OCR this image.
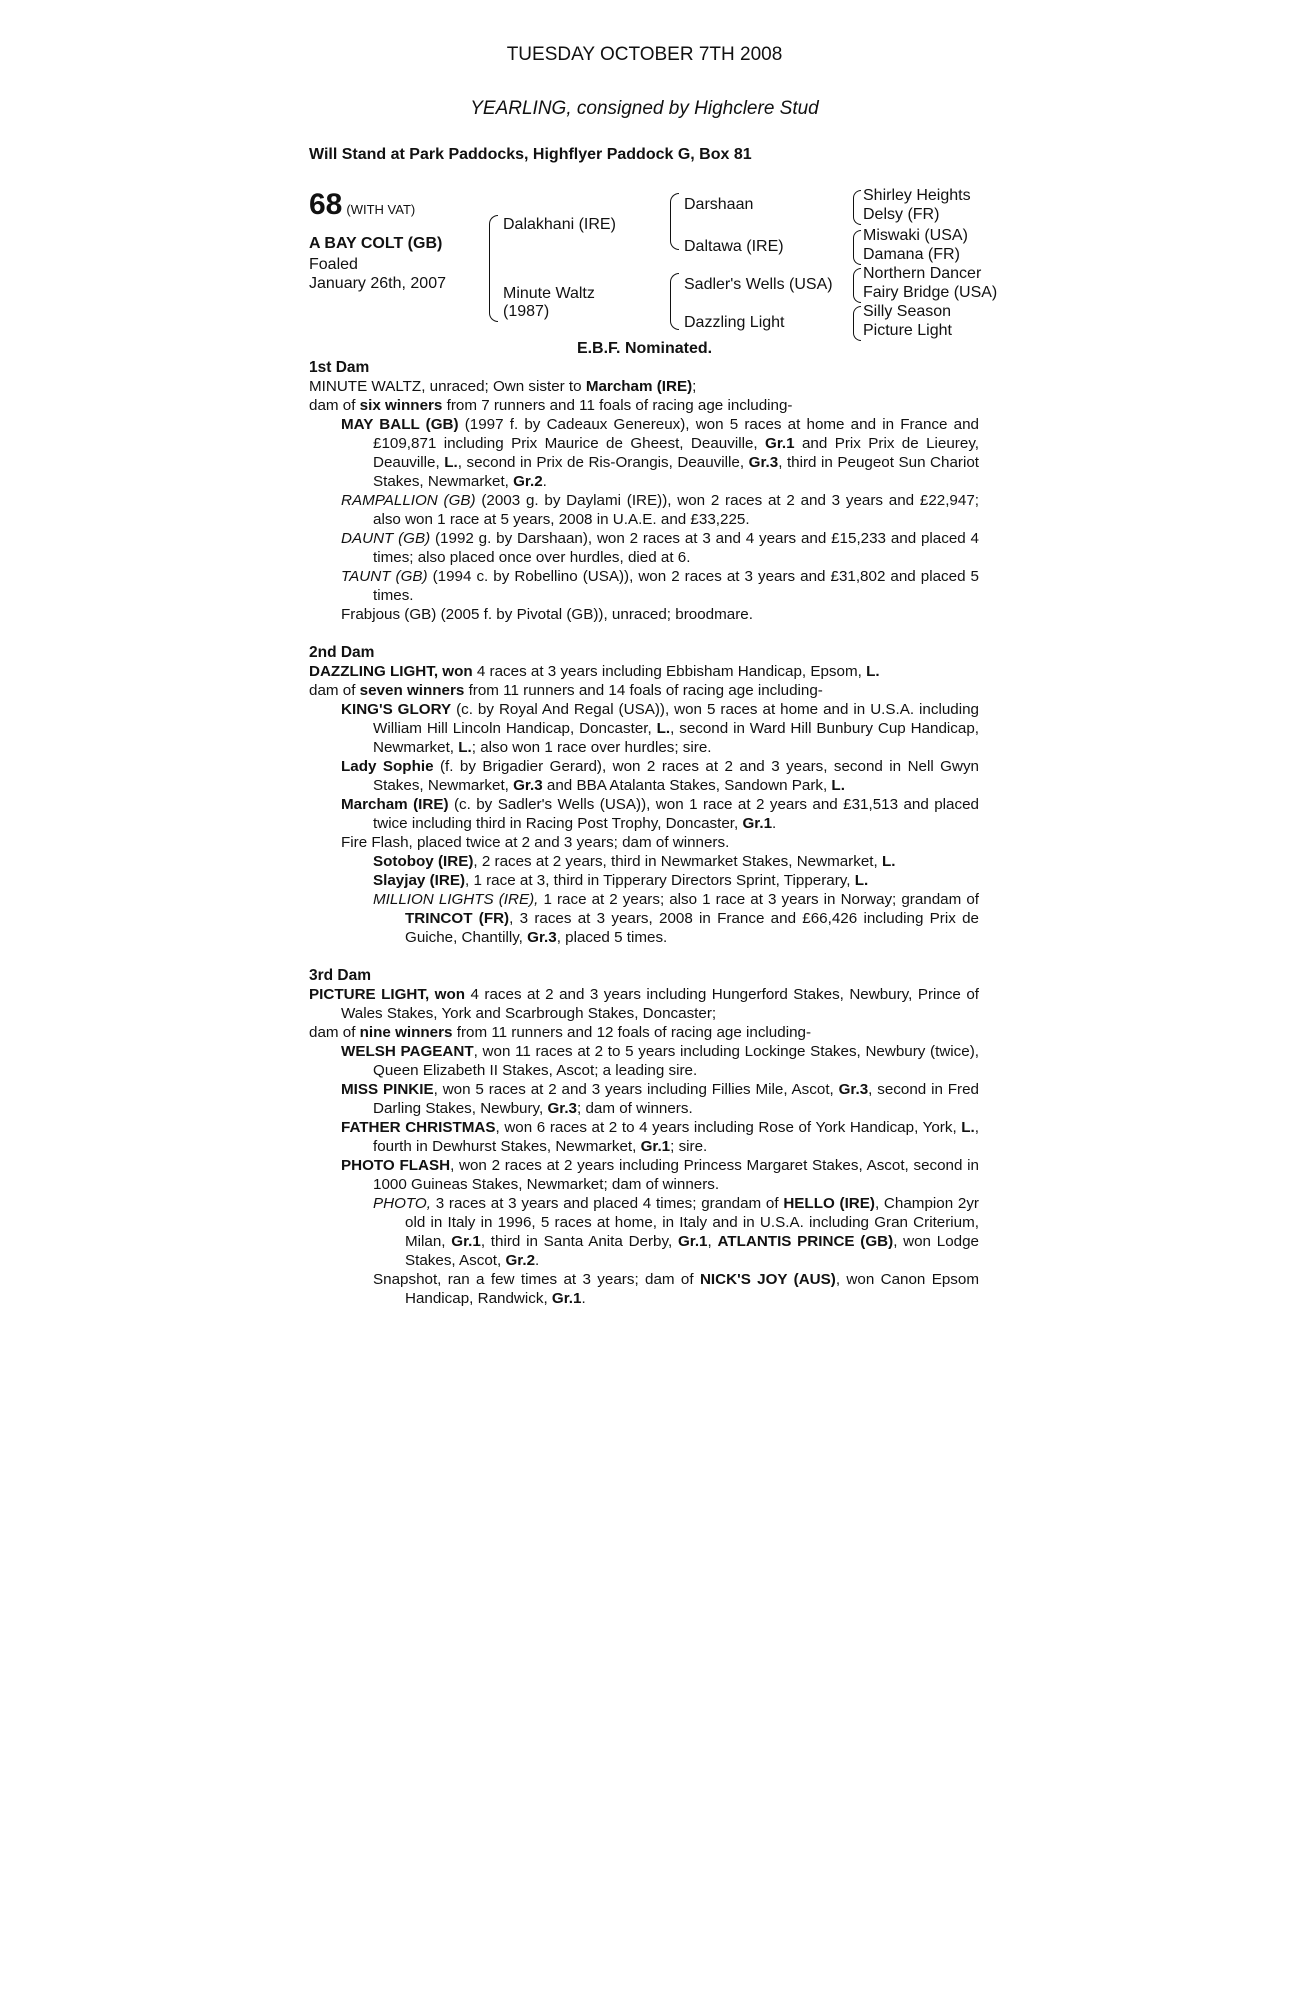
TUESDAY OCTOBER 7TH 2008
YEARLING, consigned by Highclere Stud
Will Stand at Park Paddocks, Highflyer Paddock G, Box 81
68 (WITH VAT)
A BAY COLT (GB)
Foaled
January 26th, 2007
Dalakhani (IRE)
Minute Waltz
(1987)
Darshaan
Daltawa (IRE)
Sadler's Wells (USA)
Dazzling Light
Shirley Heights
Delsy (FR)
Miswaki (USA)
Damana (FR)
Northern Dancer
Fairy Bridge (USA)
Silly Season
Picture Light
E.B.F. Nominated.
1st Dam
MINUTE WALTZ, unraced; Own sister to Marcham (IRE);
dam of six winners from 7 runners and 11 foals of racing age including-
MAY BALL (GB) (1997 f. by Cadeaux Genereux), won 5 races at home and in France and £109,871 including Prix Maurice de Gheest, Deauville, Gr.1 and Prix Prix de Lieurey, Deauville, L., second in Prix de Ris-Orangis, Deauville, Gr.3, third in Peugeot Sun Chariot Stakes, Newmarket, Gr.2.
RAMPALLION (GB) (2003 g. by Daylami (IRE)), won 2 races at 2 and 3 years and £22,947; also won 1 race at 5 years, 2008 in U.A.E. and £33,225.
DAUNT (GB) (1992 g. by Darshaan), won 2 races at 3 and 4 years and £15,233 and placed 4 times; also placed once over hurdles, died at 6.
TAUNT (GB) (1994 c. by Robellino (USA)), won 2 races at 3 years and £31,802 and placed 5 times.
Frabjous (GB) (2005 f. by Pivotal (GB)), unraced; broodmare.
2nd Dam
DAZZLING LIGHT, won 4 races at 3 years including Ebbisham Handicap, Epsom, L.
dam of seven winners from 11 runners and 14 foals of racing age including-
KING'S GLORY (c. by Royal And Regal (USA)), won 5 races at home and in U.S.A. including William Hill Lincoln Handicap, Doncaster, L., second in Ward Hill Bunbury Cup Handicap, Newmarket, L.; also won 1 race over hurdles; sire.
Lady Sophie (f. by Brigadier Gerard), won 2 races at 2 and 3 years, second in Nell Gwyn Stakes, Newmarket, Gr.3 and BBA Atalanta Stakes, Sandown Park, L.
Marcham (IRE) (c. by Sadler's Wells (USA)), won 1 race at 2 years and £31,513 and placed twice including third in Racing Post Trophy, Doncaster, Gr.1.
Fire Flash, placed twice at 2 and 3 years; dam of winners.
Sotoboy (IRE), 2 races at 2 years, third in Newmarket Stakes, Newmarket, L.
Slayjay (IRE), 1 race at 3, third in Tipperary Directors Sprint, Tipperary, L.
MILLION LIGHTS (IRE), 1 race at 2 years; also 1 race at 3 years in Norway; grandam of TRINCOT (FR), 3 races at 3 years, 2008 in France and £66,426 including Prix de Guiche, Chantilly, Gr.3, placed 5 times.
3rd Dam
PICTURE LIGHT, won 4 races at 2 and 3 years including Hungerford Stakes, Newbury, Prince of Wales Stakes, York and Scarbrough Stakes, Doncaster;
dam of nine winners from 11 runners and 12 foals of racing age including-
WELSH PAGEANT, won 11 races at 2 to 5 years including Lockinge Stakes, Newbury (twice), Queen Elizabeth II Stakes, Ascot; a leading sire.
MISS PINKIE, won 5 races at 2 and 3 years including Fillies Mile, Ascot, Gr.3, second in Fred Darling Stakes, Newbury, Gr.3; dam of winners.
FATHER CHRISTMAS, won 6 races at 2 to 4 years including Rose of York Handicap, York, L., fourth in Dewhurst Stakes, Newmarket, Gr.1; sire.
PHOTO FLASH, won 2 races at 2 years including Princess Margaret Stakes, Ascot, second in 1000 Guineas Stakes, Newmarket; dam of winners.
PHOTO, 3 races at 3 years and placed 4 times; grandam of HELLO (IRE), Champion 2yr old in Italy in 1996, 5 races at home, in Italy and in U.S.A. including Gran Criterium, Milan, Gr.1, third in Santa Anita Derby, Gr.1, ATLANTIS PRINCE (GB), won Lodge Stakes, Ascot, Gr.2.
Snapshot, ran a few times at 3 years; dam of NICK'S JOY (AUS), won Canon Epsom Handicap, Randwick, Gr.1.
